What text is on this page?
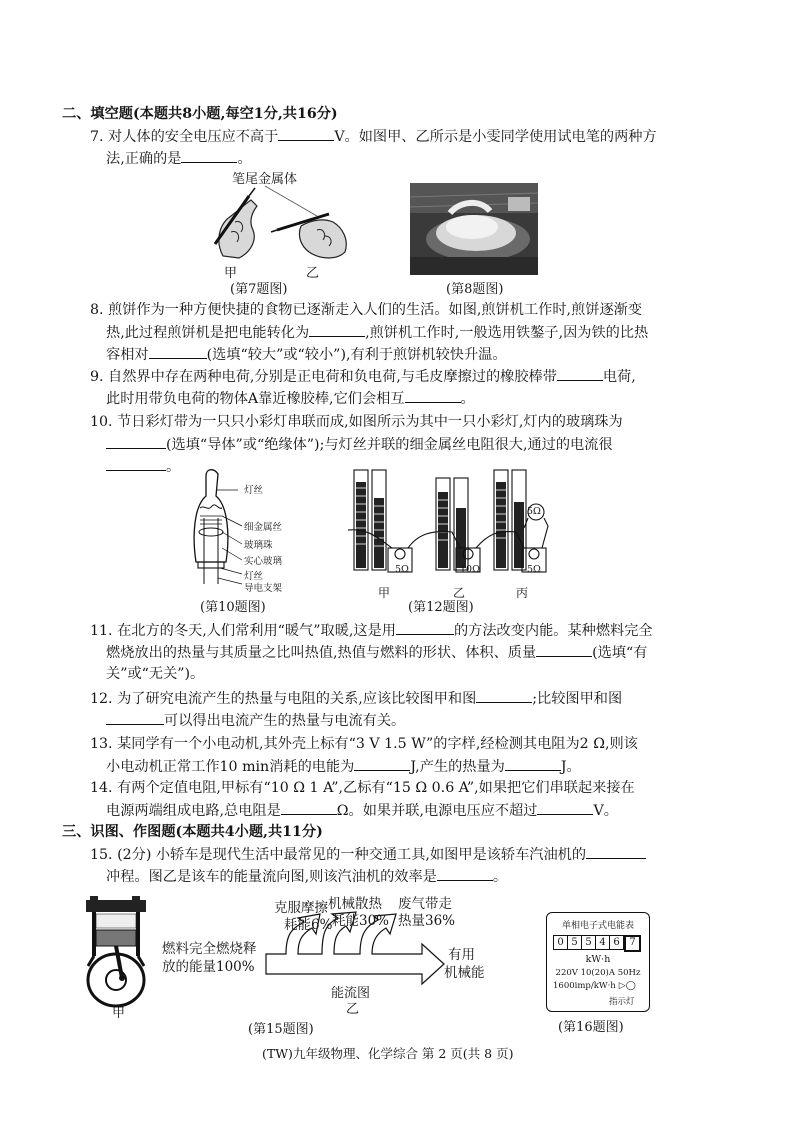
二、填空题(本题共8小题,每空1分,共16分)
7. 对人体的安全电压应不高于	V。如图甲、乙所示是小雯同学使用试电笔的两种方
法,正确的是	。
笔尾金属体
甲	乙
(第7题图)	(第8题图)
8. 煎饼作为一种方便快捷的食物已逐渐走入人们的生活。如图,煎饼机工作时,煎饼逐渐变
热,此过程煎饼机是把电能转化为	,煎饼机工作时,一般选用铁鏊子,因为铁的比热
容相对	(选填“较大”或“较小”),有利于煎饼机较快升温。
9. 自然界中存在两种电荷,分别是正电荷和负电荷,与毛皮摩擦过的橡胶棒带	电荷,
此时用带负电荷的物体A靠近橡胶棒,它们会相互	。
10. 节日彩灯带为一只只小彩灯串联而成,如图所示为其中一只小彩灯,灯内的玻璃珠为
(选填“导体”或“绝缘体”);与灯丝并联的细金属丝电阻很大,通过的电流很
。
灯丝
细金属丝
玻璃珠
实心玻璃
灯丝
导电支架
(第10题图)
5Ω	10Ω	5Ω
5Ω
甲	乙	丙
(第12题图)
11. 在北方的冬天,人们常利用“暖气”取暖,这是用	的方法改变内能。某种燃料完全
燃烧放出的热量与其质量之比叫热值,热值与燃料的形状、体积、质量	(选填“有
关”或“无关”)。
12. 为了研究电流产生的热量与电阻的关系,应该比较图甲和图	;比较图甲和图
可以得出电流产生的热量与电流有关。
13. 某同学有一个小电动机,其外壳上标有“3 V 1.5 W”的字样,经检测其电阻为2 Ω,则该
小电动机正常工作10 min消耗的电能为	J,产生的热量为	J。
14. 有两个定值电阻,甲标有“10 Ω 1 A”,乙标有“15 Ω 0.6 A”,如果把它们串联起来接在
电源两端组成电路,总电阻是	Ω。如果并联,电源电压应不超过	V。
三、识图、作图题(本题共4小题,共11分)
15. (2分) 小轿车是现代生活中最常见的一种交通工具,如图甲是该轿车汽油机的
冲程。图乙是该车的能量流向图,则该汽油机的效率是	。
甲
克服摩擦
耗能6%
机械散热
耗能30%
废气带走
热量36%
燃料完全燃烧释
放的能量100%
有用
机械能
能流图
乙
(第15题图)
单相电子式电能表
0 5 5 4 6 7
kW·h
220V 10(20)A 50Hz
1600imp/kW·h ▷◯
指示灯
(第16题图)
(TW)九年级物理、化学综合 第 2 页(共 8 页)
